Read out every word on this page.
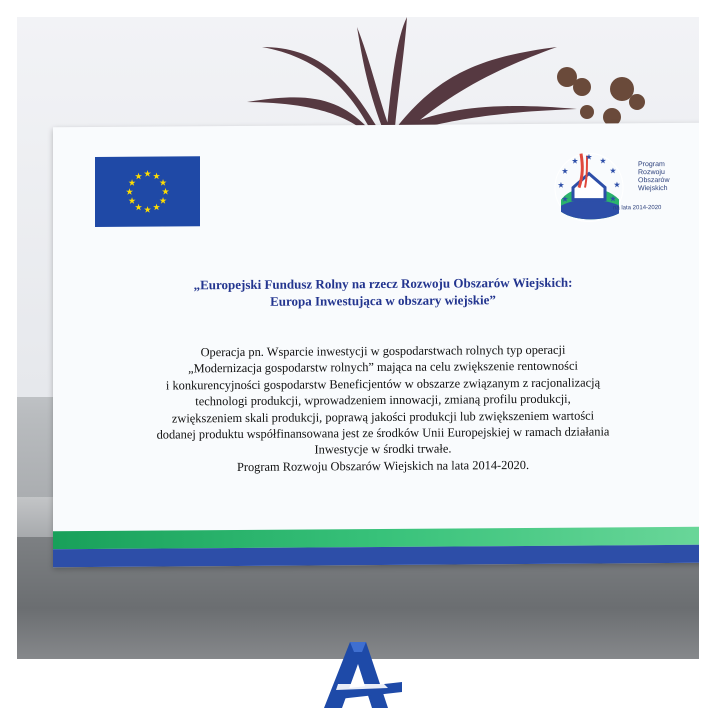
★ ★
★
★
★
★
★
★
★
★
★
★
★ ★
★
★
★
★
★
★
★	Program
Rozwoju
Obszarów
Wiejskich
na lata 2014-2020
„Europejski Fundusz Rolny na rzecz Rozwoju Obszarów Wiejskich:
Europa Inwestująca w obszary wiejskie”
Operacja pn. Wsparcie inwestycji w gospodarstwach rolnych typ operacji
„Modernizacja gospodarstw rolnych” mająca na celu zwiększenie rentowności
i konkurencyjności gospodarstw Beneficjentów w obszarze związanym z racjonalizacją
technologi produkcji, wprowadzeniem innowacji, zmianą profilu produkcji,
zwiększeniem skali produkcji, poprawą jakości produkcji lub zwiększeniem wartości
dodanej produktu współfinansowana jest ze środków Unii Europejskiej w ramach działania
Inwestycje w środki trwałe.
Program Rozwoju Obszarów Wiejskich na lata 2014-2020.
